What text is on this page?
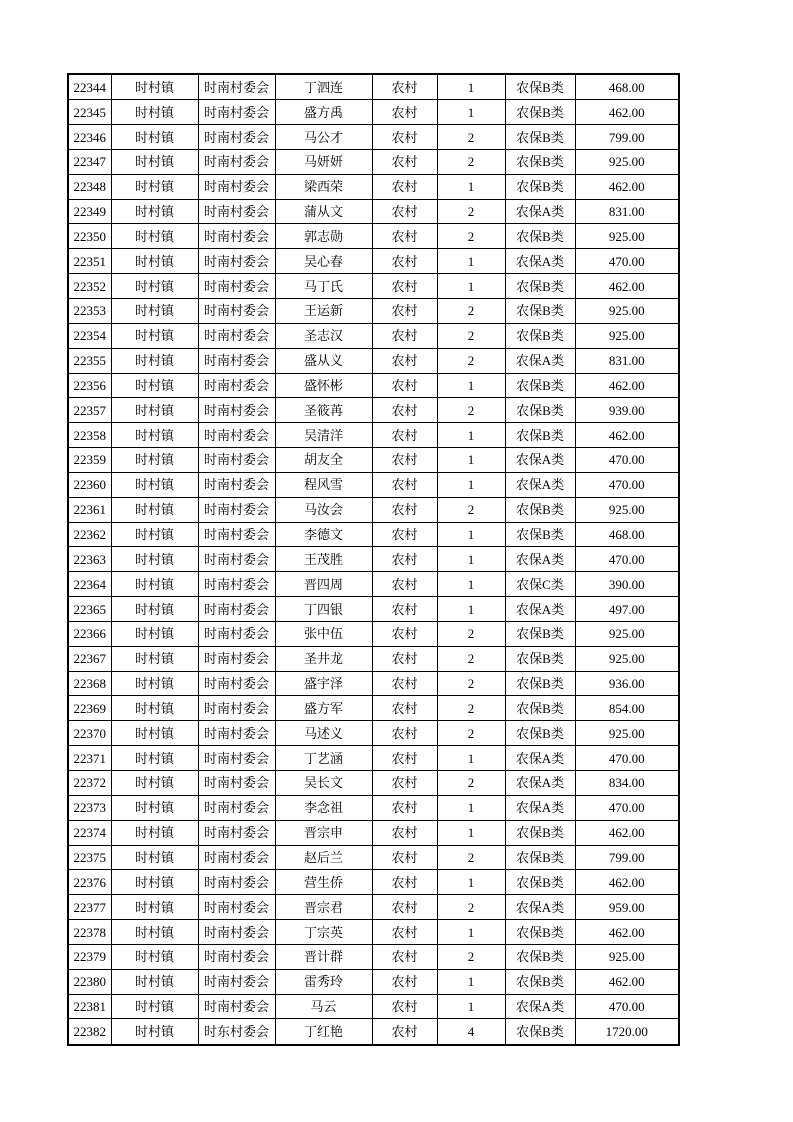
22344	时村镇	时南村委会	丁泗连	农村	1	农保B类	468.00
22345	时村镇	时南村委会	盛方禹	农村	1	农保B类	462.00
22346	时村镇	时南村委会	马公才	农村	2	农保B类	799.00
22347	时村镇	时南村委会	马妍妍	农村	2	农保B类	925.00
22348	时村镇	时南村委会	梁西荣	农村	1	农保B类	462.00
22349	时村镇	时南村委会	蒲从文	农村	2	农保A类	831.00
22350	时村镇	时南村委会	郭志勋	农村	2	农保B类	925.00
22351	时村镇	时南村委会	吴心春	农村	1	农保A类	470.00
22352	时村镇	时南村委会	马丁氏	农村	1	农保B类	462.00
22353	时村镇	时南村委会	王运新	农村	2	农保B类	925.00
22354	时村镇	时南村委会	圣志汉	农村	2	农保B类	925.00
22355	时村镇	时南村委会	盛从义	农村	2	农保A类	831.00
22356	时村镇	时南村委会	盛怀彬	农村	1	农保B类	462.00
22357	时村镇	时南村委会	圣筱苒	农村	2	农保B类	939.00
22358	时村镇	时南村委会	吴清洋	农村	1	农保B类	462.00
22359	时村镇	时南村委会	胡友全	农村	1	农保A类	470.00
22360	时村镇	时南村委会	程风雪	农村	1	农保A类	470.00
22361	时村镇	时南村委会	马汝会	农村	2	农保B类	925.00
22362	时村镇	时南村委会	李德文	农村	1	农保B类	468.00
22363	时村镇	时南村委会	王茂胜	农村	1	农保A类	470.00
22364	时村镇	时南村委会	晋四周	农村	1	农保C类	390.00
22365	时村镇	时南村委会	丁四银	农村	1	农保A类	497.00
22366	时村镇	时南村委会	张中伍	农村	2	农保B类	925.00
22367	时村镇	时南村委会	圣井龙	农村	2	农保B类	925.00
22368	时村镇	时南村委会	盛宇泽	农村	2	农保B类	936.00
22369	时村镇	时南村委会	盛方军	农村	2	农保B类	854.00
22370	时村镇	时南村委会	马述义	农村	2	农保B类	925.00
22371	时村镇	时南村委会	丁艺涵	农村	1	农保A类	470.00
22372	时村镇	时南村委会	吴长文	农村	2	农保A类	834.00
22373	时村镇	时南村委会	李念祖	农村	1	农保A类	470.00
22374	时村镇	时南村委会	晋宗申	农村	1	农保B类	462.00
22375	时村镇	时南村委会	赵后兰	农村	2	农保B类	799.00
22376	时村镇	时南村委会	营生侨	农村	1	农保B类	462.00
22377	时村镇	时南村委会	晋宗君	农村	2	农保A类	959.00
22378	时村镇	时南村委会	丁宗英	农村	1	农保B类	462.00
22379	时村镇	时南村委会	晋计群	农村	2	农保B类	925.00
22380	时村镇	时南村委会	雷秀玲	农村	1	农保B类	462.00
22381	时村镇	时南村委会	马云	农村	1	农保A类	470.00
22382	时村镇	时东村委会	丁红艳	农村	4	农保B类	1720.00
